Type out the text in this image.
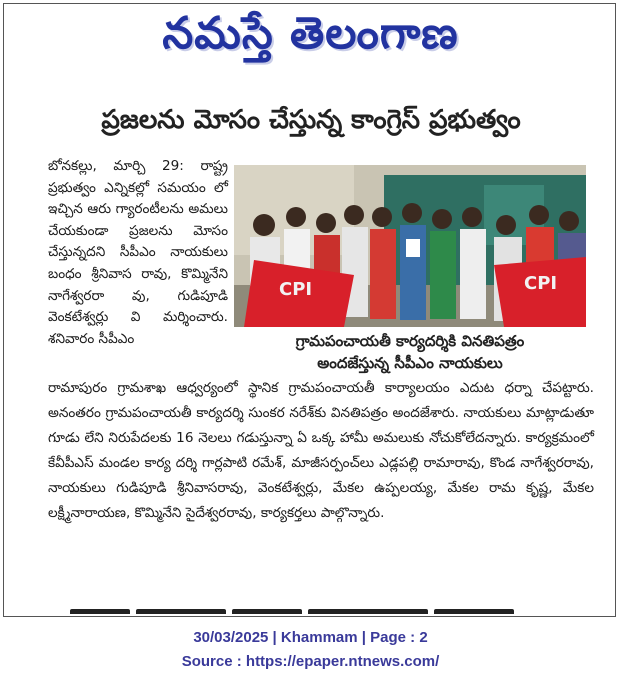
నమస్తే తెలంగాణ
ప్రజలను మోసం చేస్తున్న కాంగ్రెస్ ప్రభుత్వం

బోనకల్లు, మార్చి 29: రాష్ట్ర ప్రభుత్వం ఎన్నికల్లో సమయం లో ఇచ్చిన ఆరు గ్యారంటీలను అమలు చేయకుండా ప్రజలను మోసం చేస్తున్నదని సీపీఎం నాయకులు బంధం శ్రీనివాస రావు, కొమ్మినేని నాగేశ్వరరా వు, గుడిపూడి వెంకటేశ్వర్లు వి మర్శించారు. శనివారం సీపీఎం

CPI	CPI
గ్రామపంచాయతీ కార్యదర్శికి వినతిపత్రం
అందజేస్తున్న సీపీఎం నాయకులు

రామాపురం గ్రామశాఖ ఆధ్వర్యంలో స్థానిక గ్రామపంచాయతీ కార్యాలయం ఎదుట ధర్నా చేపట్టారు. అనంతరం గ్రామపంచాయతీ కార్యదర్శి సుంకర నరేశ్‌కు వినతిపత్రం అందజేశారు. నాయకులు మాట్లాడుతూ గూడు లేని నిరుపేదలకు 16 నెలలు గడుస్తున్నా ఏ ఒక్క హామీ అమలుకు నోచుకోలేదన్నారు. కార్యక్రమంలో కేవీపీఎస్ మండల కార్య దర్శి గార్లపాటి రమేశ్, మాజీసర్పంచ్‌లు ఎడ్లపల్లి రామారావు, కొండ నాగేశ్వరరావు, నాయకులు గుడిపూడి శ్రీనివాసరావు, వెంకటేశ్వర్లు, మేకల ఉప్పలయ్య, మేకల రామ కృష్ణ, మేకల లక్ష్మీనారాయణ, కొమ్మినేని సైదేశ్వరరావు, కార్యకర్తలు పాల్గొన్నారు.

30/03/2025 | Khammam | Page : 2
Source : https://epaper.ntnews.com/
